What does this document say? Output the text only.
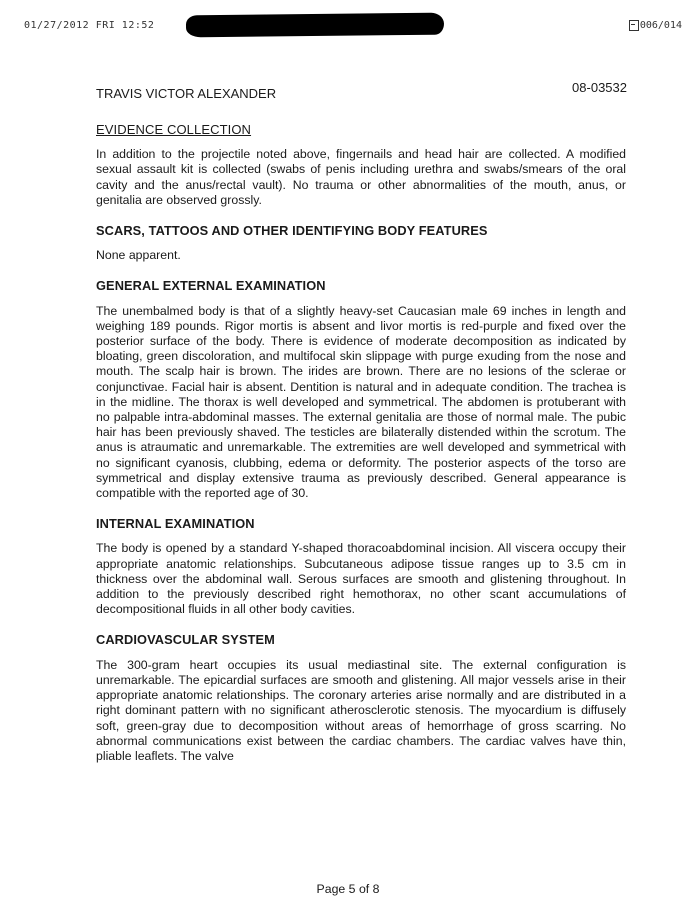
01/27/2012 FRI 12:52	006/014
TRAVIS VICTOR ALEXANDER	08-03532
EVIDENCE COLLECTION

In addition to the projectile noted above, fingernails and head hair are collected. A modified sexual assault kit is collected (swabs of penis including urethra and swabs/smears of the oral cavity and the anus/rectal vault). No trauma or other abnormalities of the mouth, anus, or genitalia are observed grossly.

SCARS, TATTOOS AND OTHER IDENTIFYING BODY FEATURES

None apparent.

GENERAL EXTERNAL EXAMINATION

The unembalmed body is that of a slightly heavy-set Caucasian male 69 inches in length and weighing 189 pounds. Rigor mortis is absent and livor mortis is red-purple and fixed over the posterior surface of the body. There is evidence of moderate decomposition as indicated by bloating, green discoloration, and multifocal skin slippage with purge exuding from the nose and mouth. The scalp hair is brown. The irides are brown. There are no lesions of the sclerae or conjunctivae. Facial hair is absent. Dentition is natural and in adequate condition. The trachea is in the midline. The thorax is well developed and symmetrical. The abdomen is protuberant with no palpable intra-abdominal masses. The external genitalia are those of normal male. The pubic hair has been previously shaved. The testicles are bilaterally distended within the scrotum. The anus is atraumatic and unremarkable. The extremities are well developed and symmetrical with no significant cyanosis, clubbing, edema or deformity. The posterior aspects of the torso are symmetrical and display extensive trauma as previously described. General appearance is compatible with the reported age of 30.

INTERNAL EXAMINATION

The body is opened by a standard Y-shaped thoracoabdominal incision. All viscera occupy their appropriate anatomic relationships. Subcutaneous adipose tissue ranges up to 3.5 cm in thickness over the abdominal wall. Serous surfaces are smooth and glistening throughout. In addition to the previously described right hemothorax, no other scant accumulations of decompositional fluids in all other body cavities.

CARDIOVASCULAR SYSTEM

The 300-gram heart occupies its usual mediastinal site. The external configuration is unremarkable. The epicardial surfaces are smooth and glistening. All major vessels arise in their appropriate anatomic relationships. The coronary arteries arise normally and are distributed in a right dominant pattern with no significant atherosclerotic stenosis. The myocardium is diffusely soft, green-gray due to decomposition without areas of hemorrhage of gross scarring. No abnormal communications exist between the cardiac chambers. The cardiac valves have thin, pliable leaflets. The valve

Page 5 of 8
